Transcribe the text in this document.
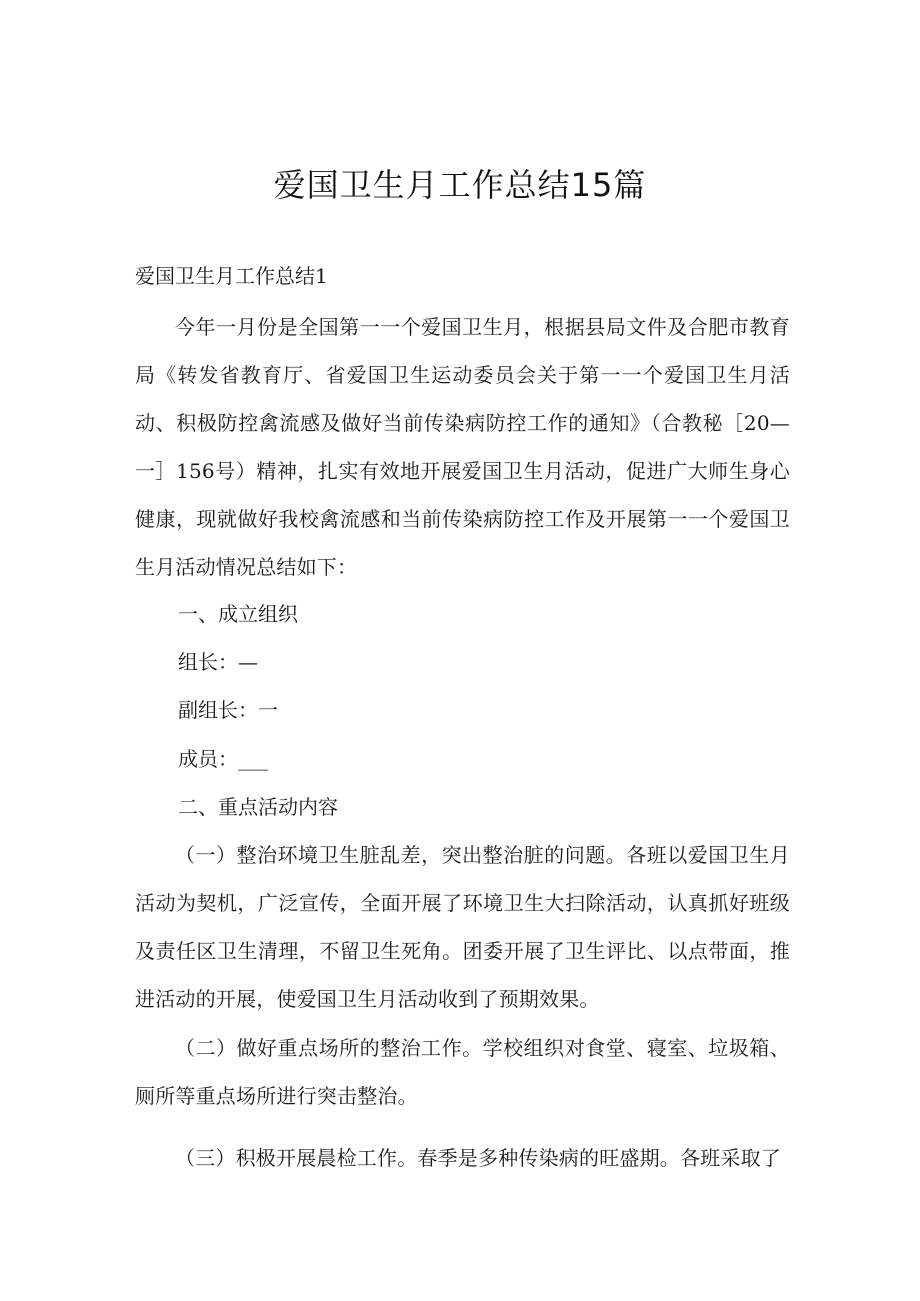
爱国卫生月工作总结15篇

爱国卫生月工作总结1

今年一月份是全国第一一个爱国卫生月，根据县局文件及合肥市教育局《转发省教育厅、省爱国卫生运动委员会关于第一一个爱国卫生月活动、积极防控禽流感及做好当前传染病防控工作的通知》（合教秘［20—一］156号）精神，扎实有效地开展爱国卫生月活动，促进广大师生身心健康，现就做好我校禽流感和当前传染病防控工作及开展第一一个爱国卫生月活动情况总结如下：

一、成立组织

组长：—

副组长：一

成员：___

二、重点活动内容

（一）整治环境卫生脏乱差，突出整治脏的问题。各班以爱国卫生月活动为契机，广泛宣传，全面开展了环境卫生大扫除活动，认真抓好班级及责任区卫生清理，不留卫生死角。团委开展了卫生评比、以点带面，推进活动的开展，使爱国卫生月活动收到了预期效果。

（二）做好重点场所的整治工作。学校组织对食堂、寝室、垃圾箱、厕所等重点场所进行突击整治。

（三）积极开展晨检工作。春季是多种传染病的旺盛期。各班采取了
